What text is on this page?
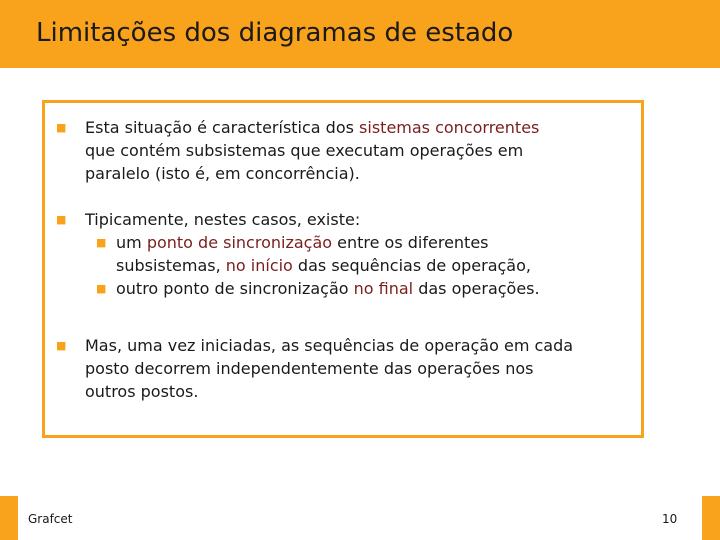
Limitações dos diagramas de estado
■ Esta situação é característica dos sistemas concorrentes
que contém subsistemas que executam operações em
paralelo (isto é, em concorrência).
■ Tipicamente, nestes casos, existe:
■ um ponto de sincronização entre os diferentes
subsistemas, no início das sequências de operação,
■ outro ponto de sincronização no final das operações.
■ Mas, uma vez iniciadas, as sequências de operação em cada
posto decorrem independentemente das operações nos
outros postos.
Grafcet	10
